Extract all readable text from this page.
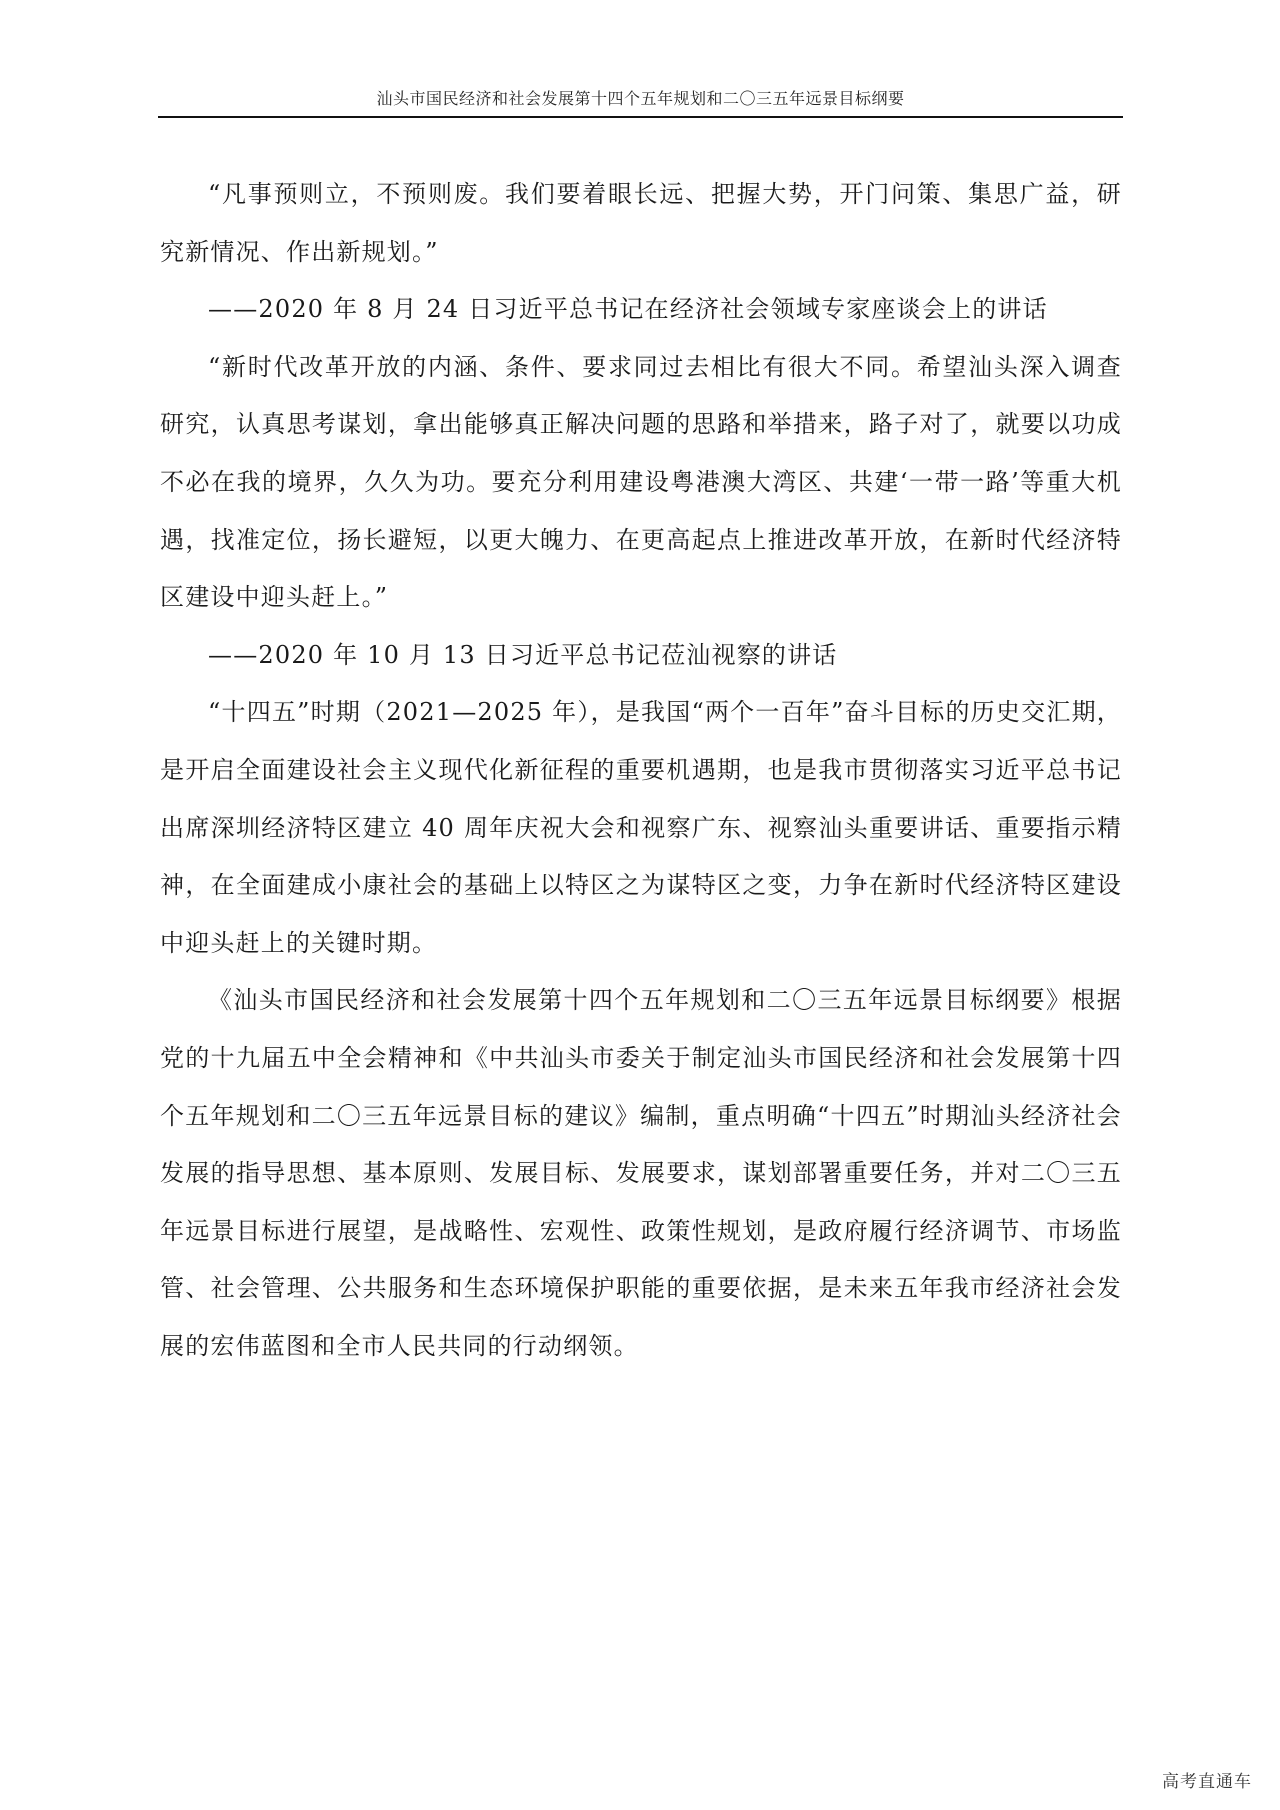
汕头市国民经济和社会发展第十四个五年规划和二〇三五年远景目标纲要

“凡事预则立，不预则废。我们要着眼长远、把握大势，开门问策、集思广益，研究新情况、作出新规划。”

——2020 年 8 月 24 日习近平总书记在经济社会领域专家座谈会上的讲话

“新时代改革开放的内涵、条件、要求同过去相比有很大不同。希望汕头深入调查研究，认真思考谋划，拿出能够真正解决问题的思路和举措来，路子对了，就要以功成不必在我的境界，久久为功。要充分利用建设粤港澳大湾区、共建‘一带一路’等重大机遇，找准定位，扬长避短，以更大魄力、在更高起点上推进改革开放，在新时代经济特区建设中迎头赶上。”

——2020 年 10 月 13 日习近平总书记莅汕视察的讲话

“十四五”时期（2021—2025 年），是我国“两个一百年”奋斗目标的历史交汇期，是开启全面建设社会主义现代化新征程的重要机遇期，也是我市贯彻落实习近平总书记出席深圳经济特区建立 40 周年庆祝大会和视察广东、视察汕头重要讲话、重要指示精神，在全面建成小康社会的基础上以特区之为谋特区之变，力争在新时代经济特区建设中迎头赶上的关键时期。

《汕头市国民经济和社会发展第十四个五年规划和二〇三五年远景目标纲要》根据党的十九届五中全会精神和《中共汕头市委关于制定汕头市国民经济和社会发展第十四个五年规划和二〇三五年远景目标的建议》编制，重点明确“十四五”时期汕头经济社会发展的指导思想、基本原则、发展目标、发展要求，谋划部署重要任务，并对二〇三五年远景目标进行展望，是战略性、宏观性、政策性规划，是政府履行经济调节、市场监管、社会管理、公共服务和生态环境保护职能的重要依据，是未来五年我市经济社会发展的宏伟蓝图和全市人民共同的行动纲领。

高考直通车
